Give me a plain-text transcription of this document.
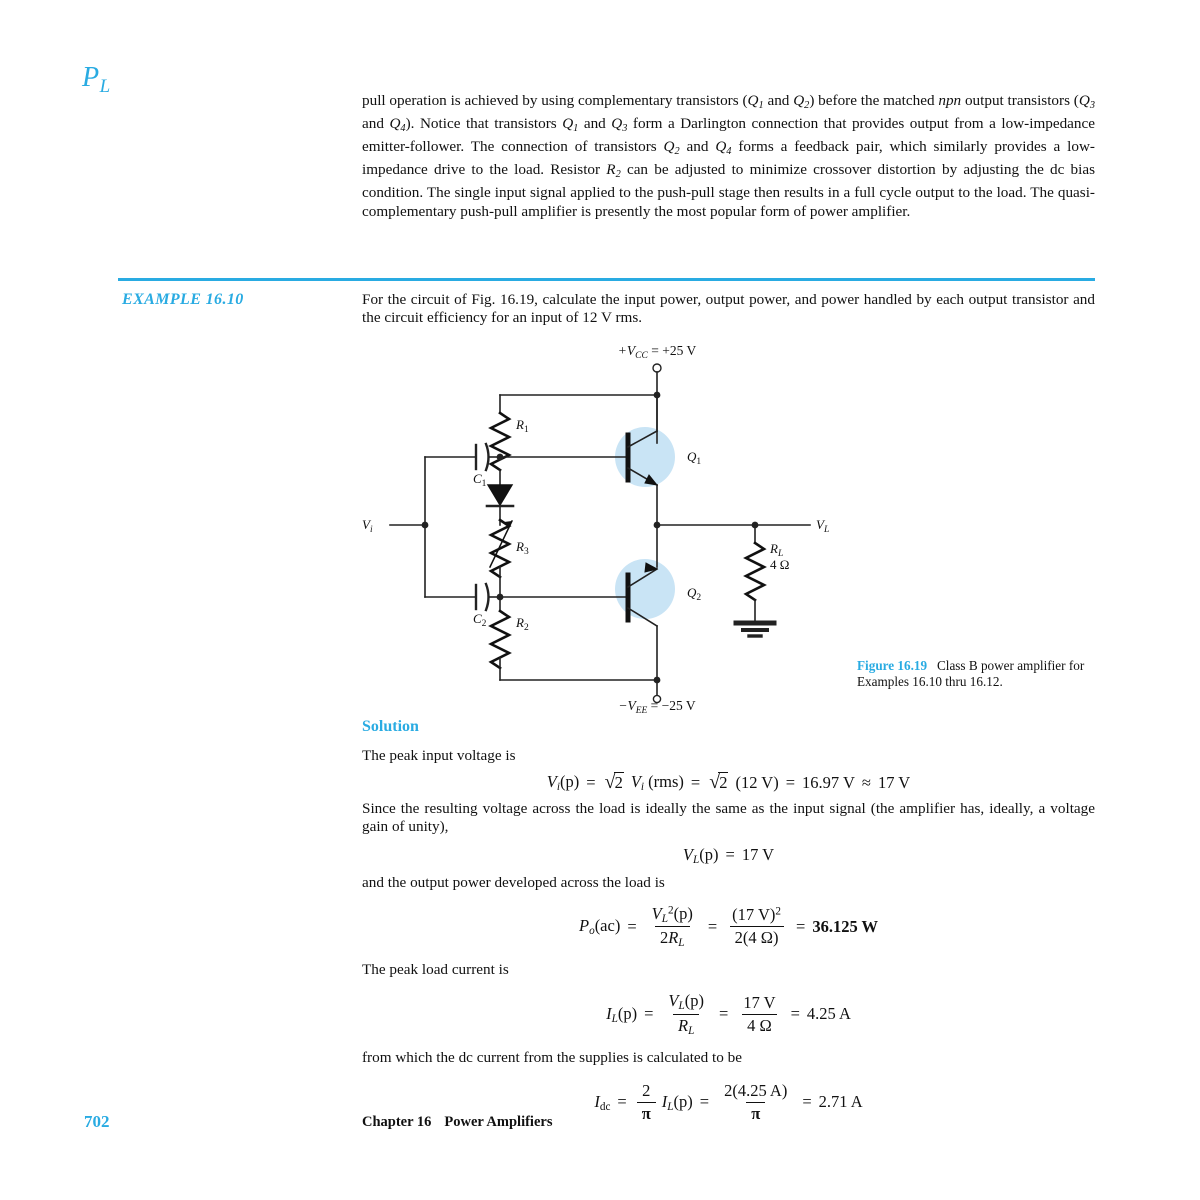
$P_L$

pull operation is achieved by using complementary transistors ($Q_1$ and $Q_2$) before the matched npn output transistors ($Q_3$ and $Q_4$). Notice that transistors $Q_1$ and $Q_3$ form a Darlington connection that provides output from a low-impedance emitter-follower. The connection of transistors $Q_2$ and $Q_4$ forms a feedback pair, which similarly provides a low-impedance drive to the load. Resistor $R_2$ can be adjusted to minimize crossover distortion by adjusting the dc bias condition. The single input signal applied to the push-pull stage then results in a full cycle output to the load. The quasi-complementary push-pull amplifier is presently the most popular form of power amplifier.

EXAMPLE 16.10	For the circuit of Fig. 16.19, calculate the input power, output power, and power handled by each output transistor and the circuit efficiency for an input of 12 V rms.

$+V_{CC} = +25$ V
$-V_{EE} = -25$ V
$R_1$
$R_2$
$R_3$	$R_L$
4 Ω
$C_1$
$C_2$
$Q_1$
$Q_2$
$V_i$	$V_L$
Figure 16.19 Class B power amplifier for Examples 16.10 thru 16.12.
Solution

The peak input voltage is

$V_i(p) = √2$ $V_i$ (rms) = √2 (12 V) = 16.97 V ≈ 17 V

Since the resulting voltage across the load is ideally the same as the input signal (the amplifier has, ideally, a voltage gain of unity),

$V_L(p) = 17$ V

and the output power developed across the load is

$P_o(ac) = \frac{V_L^2(p)}{2R_L} = \frac{(17 V)^2}{2(4 \Omega)} = 36.125$ W

The peak load current is

$I_L(p) = \frac{V_L(p)}{R_L} = \frac{17 V}{4 \Omega} = 4.25$ A

from which the dc current from the supplies is calculated to be

$I_{dc} = \frac{2}{\pi} I_L(p) = \frac{2(4.25 A)}{\pi} = 2.71$ A
702	Chapter 16 Power Amplifiers
